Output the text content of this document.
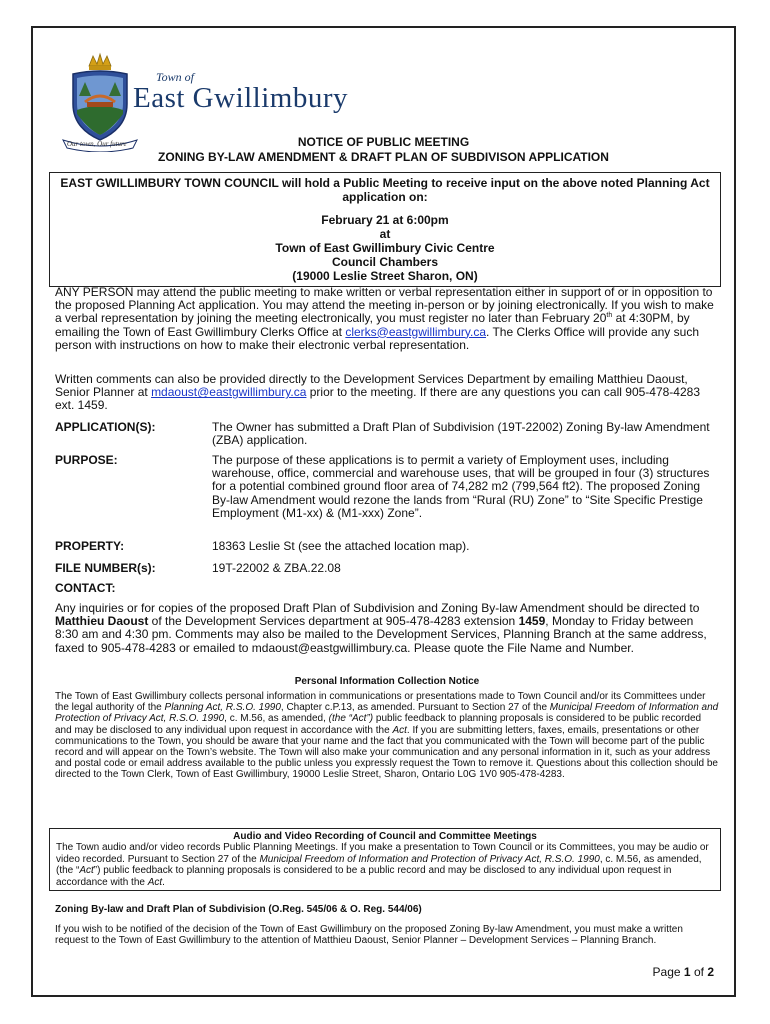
Town of
East Gwillimbury
Our town, Our future	NOTICE OF PUBLIC MEETING
ZONING BY-LAW AMENDMENT & DRAFT PLAN OF SUBDIVISON APPLICATION
EAST GWILLIMBURY TOWN COUNCIL will hold a Public Meeting to receive input on the above noted Planning Act application on:
February 21 at 6:00pm
at
Town of East Gwillimbury Civic Centre
Council Chambers
(19000 Leslie Street Sharon, ON)

ANY PERSON may attend the public meeting to make written or verbal representation either in support of or in opposition to the proposed Planning Act application. You may attend the meeting in-person or by joining electronically. If you wish to make a verbal representation by joining the meeting electronically, you must register no later than February 20th at 4:30PM, by emailing the Town of East Gwillimbury Clerks Office at clerks@eastgwillimbury.ca. The Clerks Office will provide any such person with instructions on how to make their electronic verbal representation.

Written comments can also be provided directly to the Development Services Department by emailing Matthieu Daoust, Senior Planner at mdaoust@eastgwillimbury.ca prior to the meeting. If there are any questions you can call 905-478-4283 ext. 1459.

APPLICATION(S):	The Owner has submitted a Draft Plan of Subdivision (19T-22002) Zoning By-law Amendment (ZBA) application.
PURPOSE:	The purpose of these applications is to permit a variety of Employment uses, including warehouse, office, commercial and warehouse uses, that will be grouped in four (3) structures for a potential combined ground floor area of 74,282 m2 (799,564 ft2). The proposed Zoning By-law Amendment would rezone the lands from “Rural (RU) Zone” to “Site Specific Prestige Employment (M1-xx) & (M1-xxx) Zone”.
PROPERTY:	18363 Leslie St (see the attached location map).
FILE NUMBER(s):	19T-22002 & ZBA.22.08
CONTACT:

Any inquiries or for copies of the proposed Draft Plan of Subdivision and Zoning By-law Amendment should be directed to Matthieu Daoust of the Development Services department at 905-478-4283 extension 1459, Monday to Friday between 8:30 am and 4:30 pm. Comments may also be mailed to the Development Services, Planning Branch at the same address, faxed to 905-478-4283 or emailed to mdaoust@eastgwillimbury.ca. Please quote the File Name and Number.

Personal Information Collection Notice

The Town of East Gwillimbury collects personal information in communications or presentations made to Town Council and/or its Committees under the legal authority of the Planning Act, R.S.O. 1990, Chapter c.P.13, as amended. Pursuant to Section 27 of the Municipal Freedom of Information and Protection of Privacy Act, R.S.O. 1990, c. M.56, as amended, (the “Act”) public feedback to planning proposals is considered to be public recorded and may be disclosed to any individual upon request in accordance with the Act. If you are submitting letters, faxes, emails, presentations or other communications to the Town, you should be aware that your name and the fact that you communicated with the Town will become part of the public record and will appear on the Town’s website. The Town will also make your communication and any personal information in it, such as your address and postal code or email address available to the public unless you expressly request the Town to remove it. Questions about this collection should be directed to the Town Clerk, Town of East Gwillimbury, 19000 Leslie Street, Sharon, Ontario L0G 1V0 905-478-4283.

Audio and Video Recording of Council and Committee Meetings

The Town audio and/or video records Public Planning Meetings. If you make a presentation to Town Council or its Committees, you may be audio or video recorded. Pursuant to Section 27 of the Municipal Freedom of Information and Protection of Privacy Act, R.S.O. 1990, c. M.56, as amended, (the “Act”) public feedback to planning proposals is considered to be a public record and may be disclosed to any individual upon request in accordance with the Act.

Zoning By-law and Draft Plan of Subdivision (O.Reg. 545/06 & O. Reg. 544/06)
If you wish to be notified of the decision of the Town of East Gwillimbury on the proposed Zoning By-law Amendment, you must make a written request to the Town of East Gwillimbury to the attention of Matthieu Daoust, Senior Planner – Development Services – Planning Branch.
Page 1 of 2
